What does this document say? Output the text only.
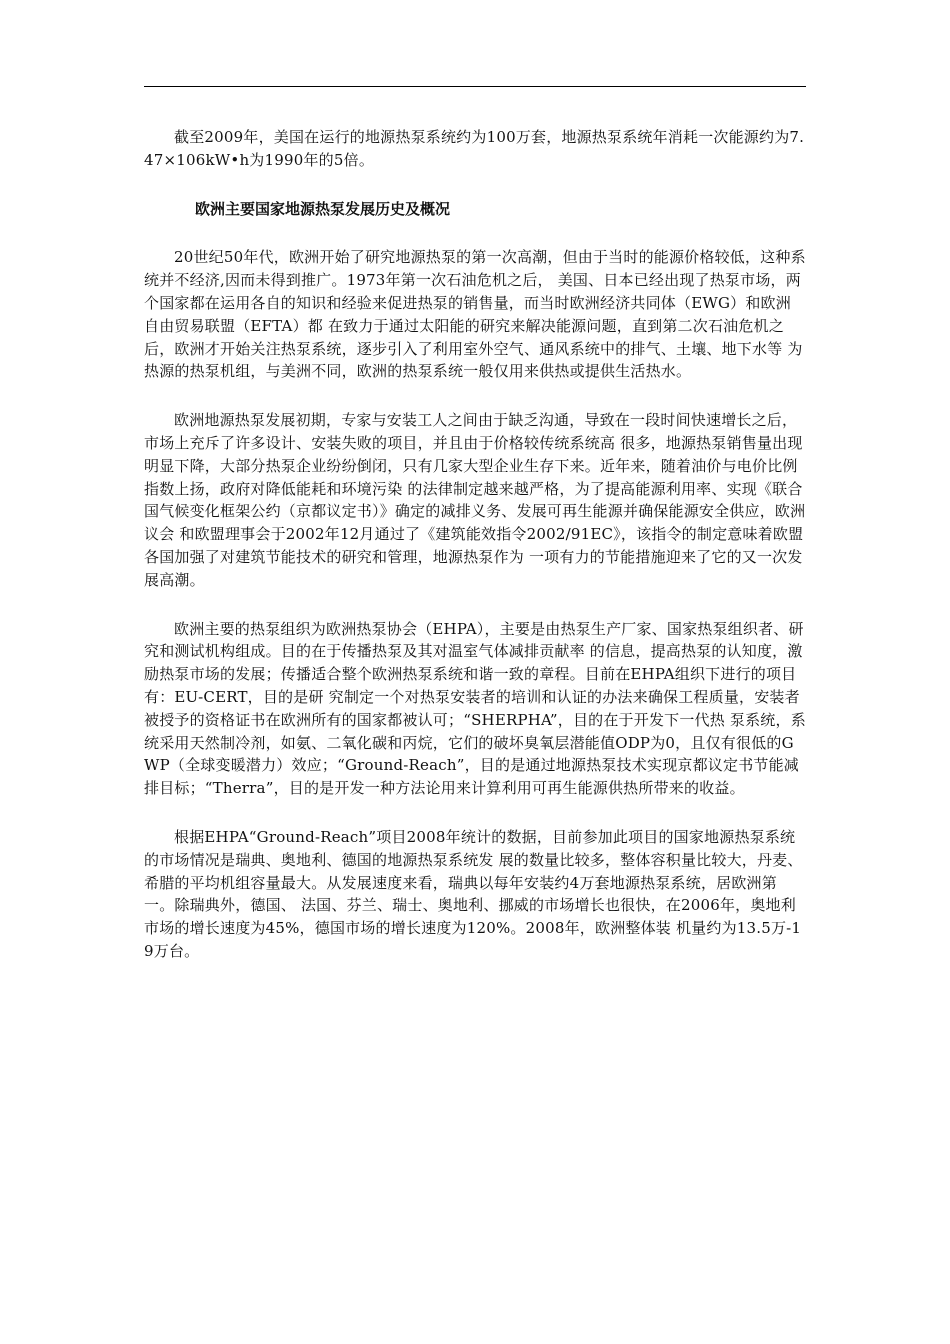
截至2009年，美国在运行的地源热泵系统约为100万套，地源热泵系统年消耗一次能源约为7.47×106kW•h为1990年的5倍。

欧洲主要国家地源热泵发展历史及概况

20世纪50年代，欧洲开始了研究地源热泵的第一次高潮，但由于当时的能源价格较低，这种系统并不经济,因而未得到推广。1973年第一次石油危机之后， 美国、日本已经出现了热泵市场，两个国家都在运用各自的知识和经验来促进热泵的销售量，而当时欧洲经济共同体（EWG）和欧洲自由贸易联盟（EFTA）都 在致力于通过太阳能的研究来解决能源问题，直到第二次石油危机之后，欧洲才开始关注热泵系统，逐步引入了利用室外空气、通风系统中的排气、土壤、地下水等 为热源的热泵机组，与美洲不同，欧洲的热泵系统一般仅用来供热或提供生活热水。

欧洲地源热泵发展初期，专家与安装工人之间由于缺乏沟通，导致在一段时间快速增长之后，市场上充斥了许多设计、安装失败的项目，并且由于价格较传统系统高 很多，地源热泵销售量出现明显下降，大部分热泵企业纷纷倒闭，只有几家大型企业生存下来。近年来，随着油价与电价比例指数上扬，政府对降低能耗和环境污染 的法律制定越来越严格，为了提高能源利用率、实现《联合国气候变化框架公约（京都议定书）》确定的减排义务、发展可再生能源并确保能源安全供应，欧洲议会 和欧盟理事会于2002年12月通过了《建筑能效指令2002/91EC》，该指令的制定意味着欧盟各国加强了对建筑节能技术的研究和管理，地源热泵作为 一项有力的节能措施迎来了它的又一次发展高潮。

欧洲主要的热泵组织为欧洲热泵协会（EHPA），主要是由热泵生产厂家、国家热泵组织者、研究和测试机构组成。目的在于传播热泵及其对温室气体减排贡献率 的信息，提高热泵的认知度，激励热泵市场的发展；传播适合整个欧洲热泵系统和谐一致的章程。目前在EHPA组织下进行的项目有：EU-CERT，目的是研 究制定一个对热泵安装者的培训和认证的办法来确保工程质量，安装者被授予的资格证书在欧洲所有的国家都被认可；“SHERPHA”，目的在于开发下一代热 泵系统，系统采用天然制冷剂，如氨、二氧化碳和丙烷，它们的破坏臭氧层潜能值ODP为0，且仅有很低的GWP（全球变暖潜力）效应；“Ground-Reach”，目的是通过地源热泵技术实现京都议定书节能减排目标；“Therra”，目的是开发一种方法论用来计算利用可再生能源供热所带来的收益。

根据EHPA“Ground-Reach”项目2008年统计的数据，目前参加此项目的国家地源热泵系统的市场情况是瑞典、奥地利、德国的地源热泵系统发 展的数量比较多，整体容积量比较大，丹麦、希腊的平均机组容量最大。从发展速度来看，瑞典以每年安装约4万套地源热泵系统，居欧洲第一。除瑞典外，德国、 法国、芬兰、瑞士、奥地利、挪威的市场增长也很快，在2006年，奥地利市场的增长速度为45%，德国市场的增长速度为120%。2008年，欧洲整体装 机量约为13.5万-19万台。
